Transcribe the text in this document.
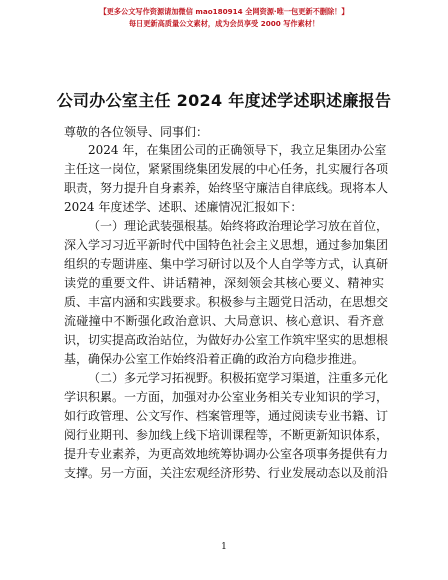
【更多公文写作资源请加微信 mao180914 全网资源·唯一包更新不删除！】
每日更新高质量公文素材，成为会员享受 2000 写作素材！
公司办公室主任 2024 年度述学述职述廉报告
尊敬的各位领导、同事们：
2024 年，在集团公司的正确领导下，我立足集团办公室
主任这一岗位，紧紧围绕集团发展的中心任务，扎实履行各项
职责，努力提升自身素养，始终坚守廉洁自律底线。现将本人
2024 年度述学、述职、述廉情况汇报如下：
（一）理论武装强根基。始终将政治理论学习放在首位，
深入学习习近平新时代中国特色社会主义思想，通过参加集团
组织的专题讲座、集中学习研讨以及个人自学等方式，认真研
读党的重要文件、讲话精神，深刻领会其核心要义、精神实
质、丰富内涵和实践要求。积极参与主题党日活动，在思想交
流碰撞中不断强化政治意识、大局意识、核心意识、看齐意
识，切实提高政治站位，为做好办公室工作筑牢坚实的思想根
基，确保办公室工作始终沿着正确的政治方向稳步推进。
（二）多元学习拓视野。积极拓宽学习渠道，注重多元化
学识积累。一方面，加强对办公室业务相关专业知识的学习，
如行政管理、公文写作、档案管理等，通过阅读专业书籍、订
阅行业期刊、参加线上线下培训课程等，不断更新知识体系，
提升专业素养，为更高效地统筹协调办公室各项事务提供有力
支撑。另一方面，关注宏观经济形势、行业发展动态以及前沿
1
